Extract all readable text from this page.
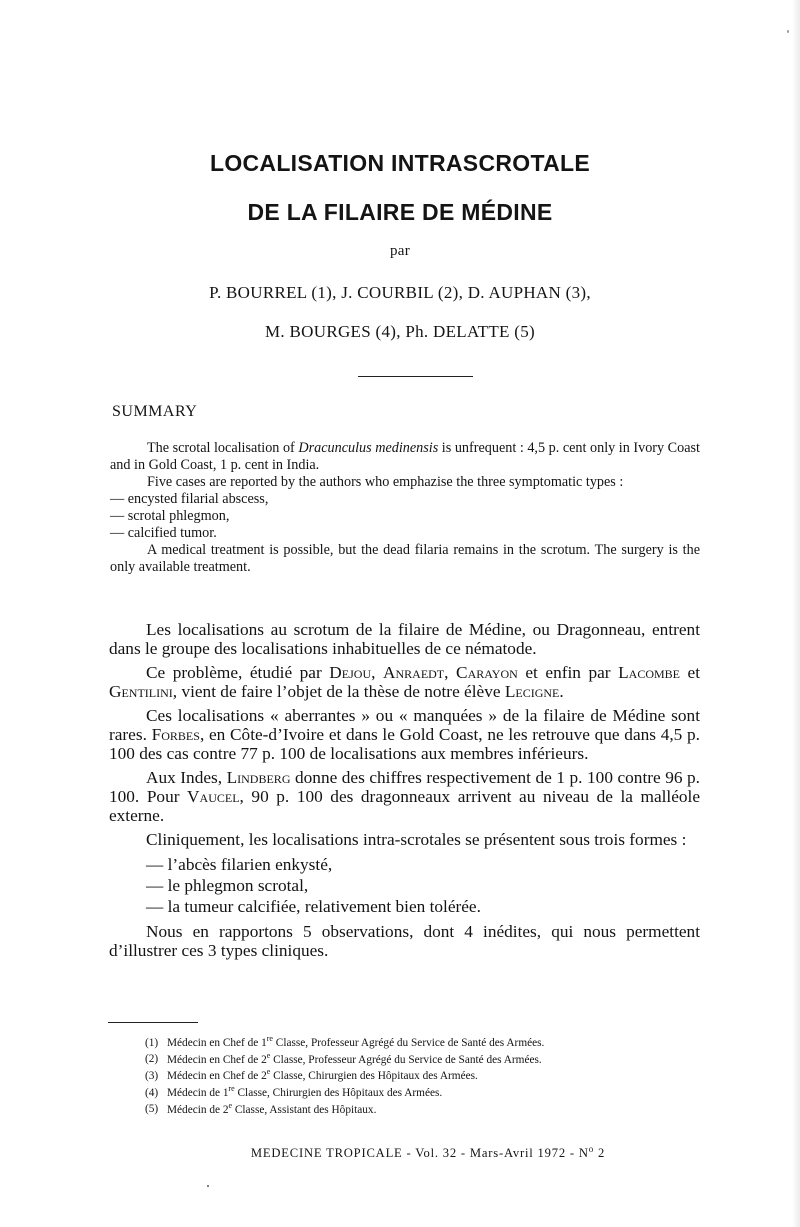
LOCALISATION INTRASCROTALE
DE LA FILAIRE DE MÉDINE
par
P. BOURREL (1), J. COURBIL (2), D. AUPHAN (3),
M. BOURGES (4), Ph. DELATTE (5)
SUMMARY

The scrotal localisation of Dracunculus medinensis is unfrequent : 4,5 p. cent only in Ivory Coast and in Gold Coast, 1 p. cent in India.

Five cases are reported by the authors who emphazise the three symptomatic types :

— encysted filarial abscess,

— scrotal phlegmon,

— calcified tumor.

A medical treatment is possible, but the dead filaria remains in the scrotum. The surgery is the only available treatment.

Les localisations au scrotum de la filaire de Médine, ou Dragonneau, entrent dans le groupe des localisations inhabituelles de ce nématode.

Ce problème, étudié par Dejou, Anraedt, Carayon et enfin par Lacombe et Gentilini, vient de faire l’objet de la thèse de notre élève Lecigne.

Ces localisations « aberrantes » ou « manquées » de la filaire de Médine sont rares. Forbes, en Côte-d’Ivoire et dans le Gold Coast, ne les retrouve que dans 4,5 p. 100 des cas contre 77 p. 100 de localisations aux membres inférieurs.

Aux Indes, Lindberg donne des chiffres respectivement de 1 p. 100 contre 96 p. 100. Pour Vaucel, 90 p. 100 des dragonneaux arrivent au niveau de la malléole externe.

Cliniquement, les localisations intra-scrotales se présentent sous trois formes :

— l’abcès filarien enkysté,
— le phlegmon scrotal,
— la tumeur calcifiée, relativement bien tolérée.

Nous en rapportons 5 observations, dont 4 inédites, qui nous permettent d’illustrer ces 3 types cliniques.

(1) Médecin en Chef de 1re Classe, Professeur Agrégé du Service de Santé des Armées.
(2) Médecin en Chef de 2e Classe, Professeur Agrégé du Service de Santé des Armées.
(3) Médecin en Chef de 2e Classe, Chirurgien des Hôpitaux des Armées.
(4) Médecin de 1re Classe, Chirurgien des Hôpitaux des Armées.
(5) Médecin de 2e Classe, Assistant des Hôpitaux.
MEDECINE TROPICALE - Vol. 32 - Mars-Avril $1972 - N^o$ 2
